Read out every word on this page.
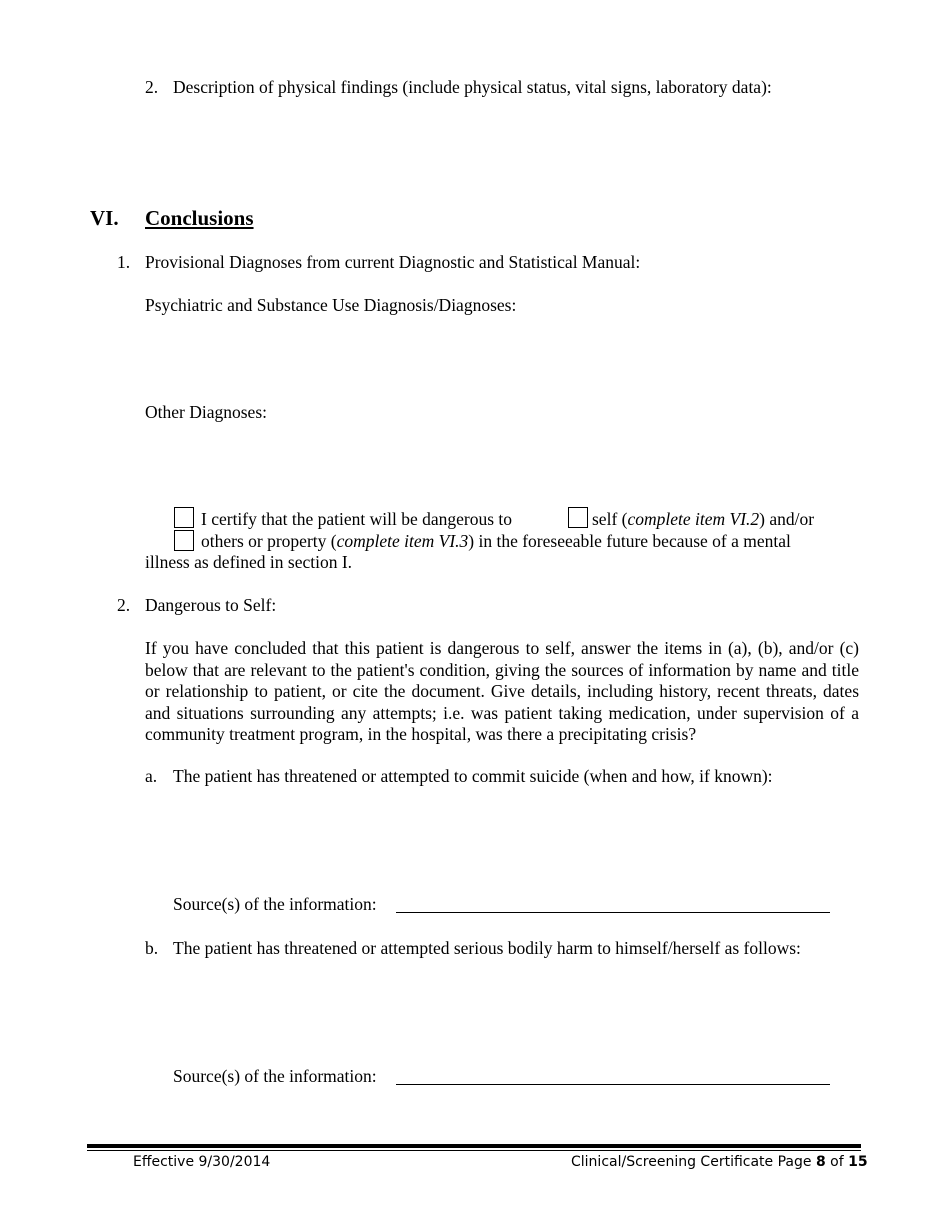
2. Description of physical findings (include physical status, vital signs, laboratory data):
VI. Conclusions
1. Provisional Diagnoses from current Diagnostic and Statistical Manual:
Psychiatric and Substance Use Diagnosis/Diagnoses:
Other Diagnoses:
I certify that the patient will be dangerous to	self (complete item VI.2) and/or
others or property (complete item VI.3) in the foreseeable future because of a mental
illness as defined in section I.
2. Dangerous to Self:
If you have concluded that this patient is dangerous to self, answer the items in (a), (b), and/or (c) below that are relevant to the patient's condition, giving the sources of information by name and title or relationship to patient, or cite the document. Give details, including history, recent threats, dates and situations surrounding any attempts; i.e. was patient taking medication, under supervision of a community treatment program, in the hospital, was there a precipitating crisis?
a. The patient has threatened or attempted to commit suicide (when and how, if known):
Source(s) of the information:
b. The patient has threatened or attempted serious bodily harm to himself/herself as follows:
Source(s) of the information:
Effective 9/30/2014	Clinical/Screening Certificate Page 8 of 15
